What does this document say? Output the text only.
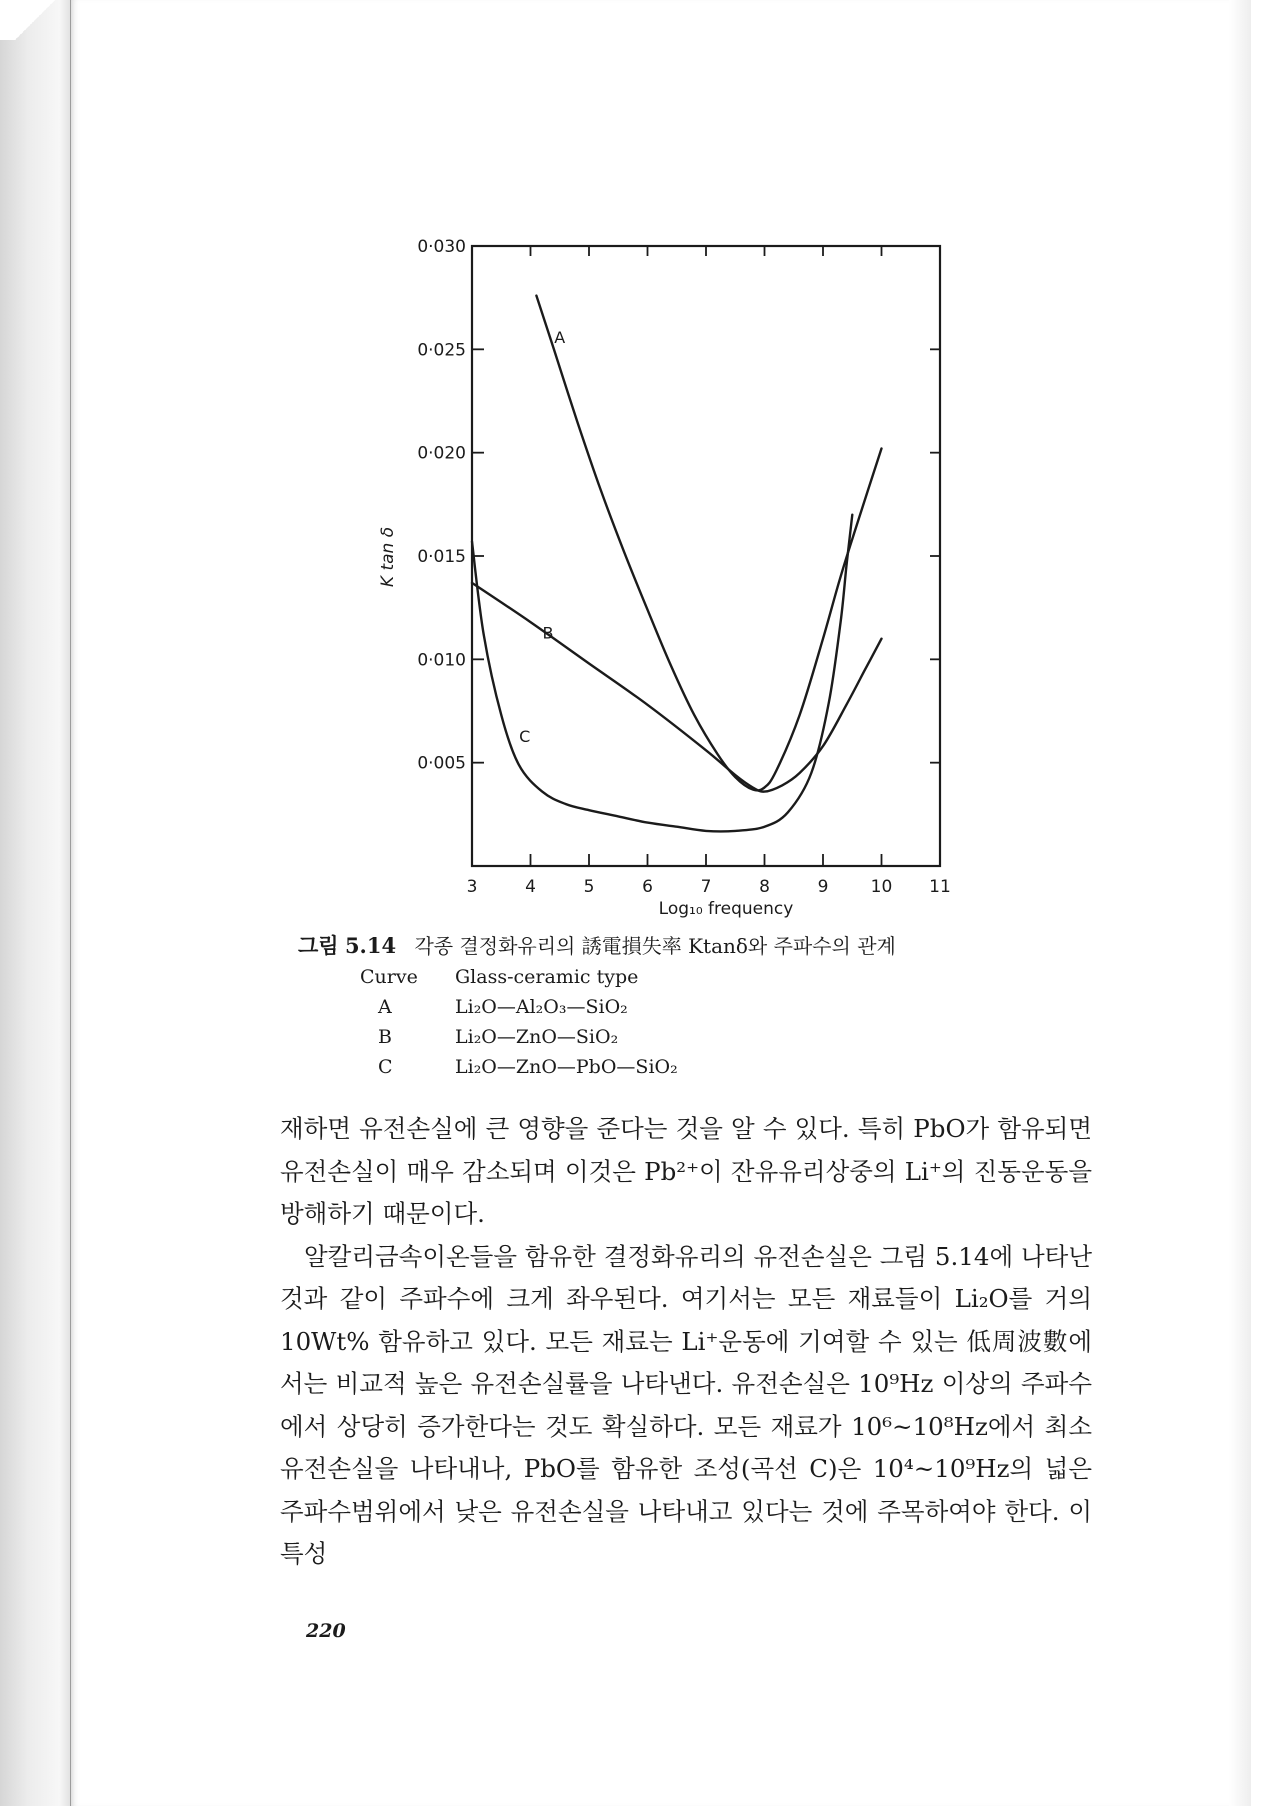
3	4	5	6	7	8	9 10 11
0·005
0·010
0·015
0·020
0·025
0·030
A
B
C
K tan δ
Log₁₀ frequency
그림 5.14 각종 결정화유리의 誘電損失率 Ktanδ와 주파수의 관계
Curve	Glass-ceramic type
A	Li₂O—Al₂O₃—SiO₂
B	Li₂O—ZnO—SiO₂
C	Li₂O—ZnO—PbO—SiO₂

재하면 유전손실에 큰 영향을 준다는 것을 알 수 있다. 특히 PbO가 함유되면 유전손실이 매우 감소되며 이것은 Pb²⁺이 잔유유리상중의 Li⁺의 진동운동을 방해하기 때문이다.

알칼리금속이온들을 함유한 결정화유리의 유전손실은 그림 5.14에 나타난 것과 같이 주파수에 크게 좌우된다. 여기서는 모든 재료들이 Li₂O를 거의 10Wt% 함유하고 있다. 모든 재료는 Li⁺운동에 기여할 수 있는 低周波數에서는 비교적 높은 유전손실률을 나타낸다. 유전손실은 10⁹Hz 이상의 주파수에서 상당히 증가한다는 것도 확실하다. 모든 재료가 10⁶~10⁸Hz에서 최소유전손실을 나타내나, PbO를 함유한 조성(곡선 C)은 10⁴~10⁹Hz의 넓은 주파수범위에서 낮은 유전손실을 나타내고 있다는 것에 주목하여야 한다. 이 특성

220
